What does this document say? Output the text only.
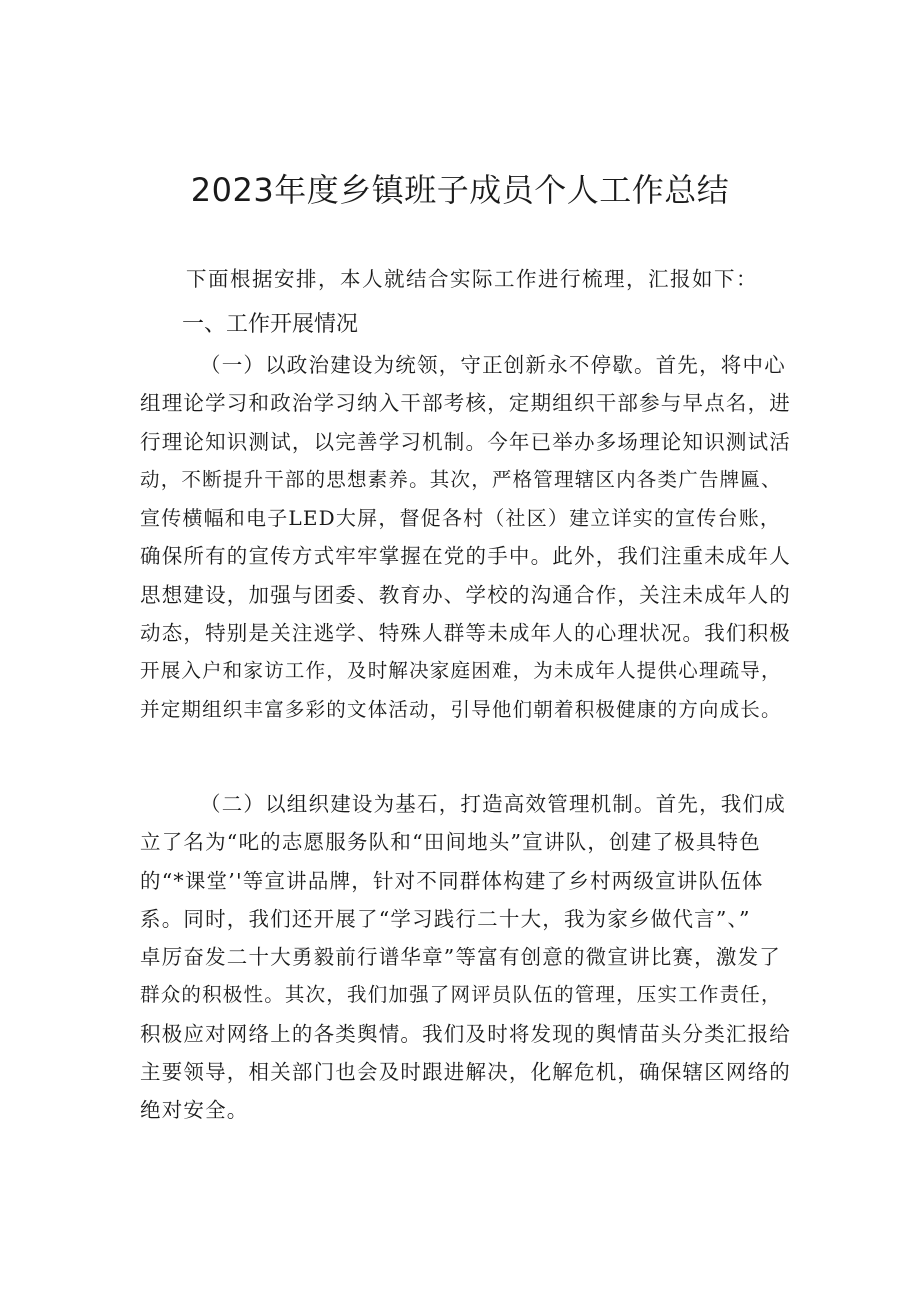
2023年度乡镇班子成员个人工作总结
下面根据安排，本人就结合实际工作进行梳理，汇报如下：
一、工作开展情况
（一）以政治建设为统领，守正创新永不停歇。首先，将中心
组理论学习和政治学习纳入干部考核，定期组织干部参与早点名，进
行理论知识测试，以完善学习机制。今年已举办多场理论知识测试活
动，不断提升干部的思想素养。其次，严格管理辖区内各类广告牌匾、
宣传横幅和电子LED大屏，督促各村（社区）建立详实的宣传台账，
确保所有的宣传方式牢牢掌握在党的手中。此外，我们注重未成年人
思想建设，加强与团委、教育办、学校的沟通合作，关注未成年人的
动态，特别是关注逃学、特殊人群等未成年人的心理状况。我们积极
开展入户和家访工作，及时解决家庭困难，为未成年人提供心理疏导，
并定期组织丰富多彩的文体活动，引导他们朝着积极健康的方向成长。
（二）以组织建设为基石，打造高效管理机制。首先，我们成
立了名为“叱的志愿服务队和“田间地头”宣讲队，创建了极具特色
的“*课堂’'等宣讲品牌，针对不同群体构建了乡村两级宣讲队伍体
系。同时，我们还开展了“学习践行二十大，我为家乡做代言”、”
卓厉奋发二十大勇毅前行谱华章”等富有创意的微宣讲比赛，激发了
群众的积极性。其次，我们加强了网评员队伍的管理，压实工作责任，
积极应对网络上的各类舆情。我们及时将发现的舆情苗头分类汇报给
主要领导，相关部门也会及时跟进解决，化解危机，确保辖区网络的
绝对安全。
